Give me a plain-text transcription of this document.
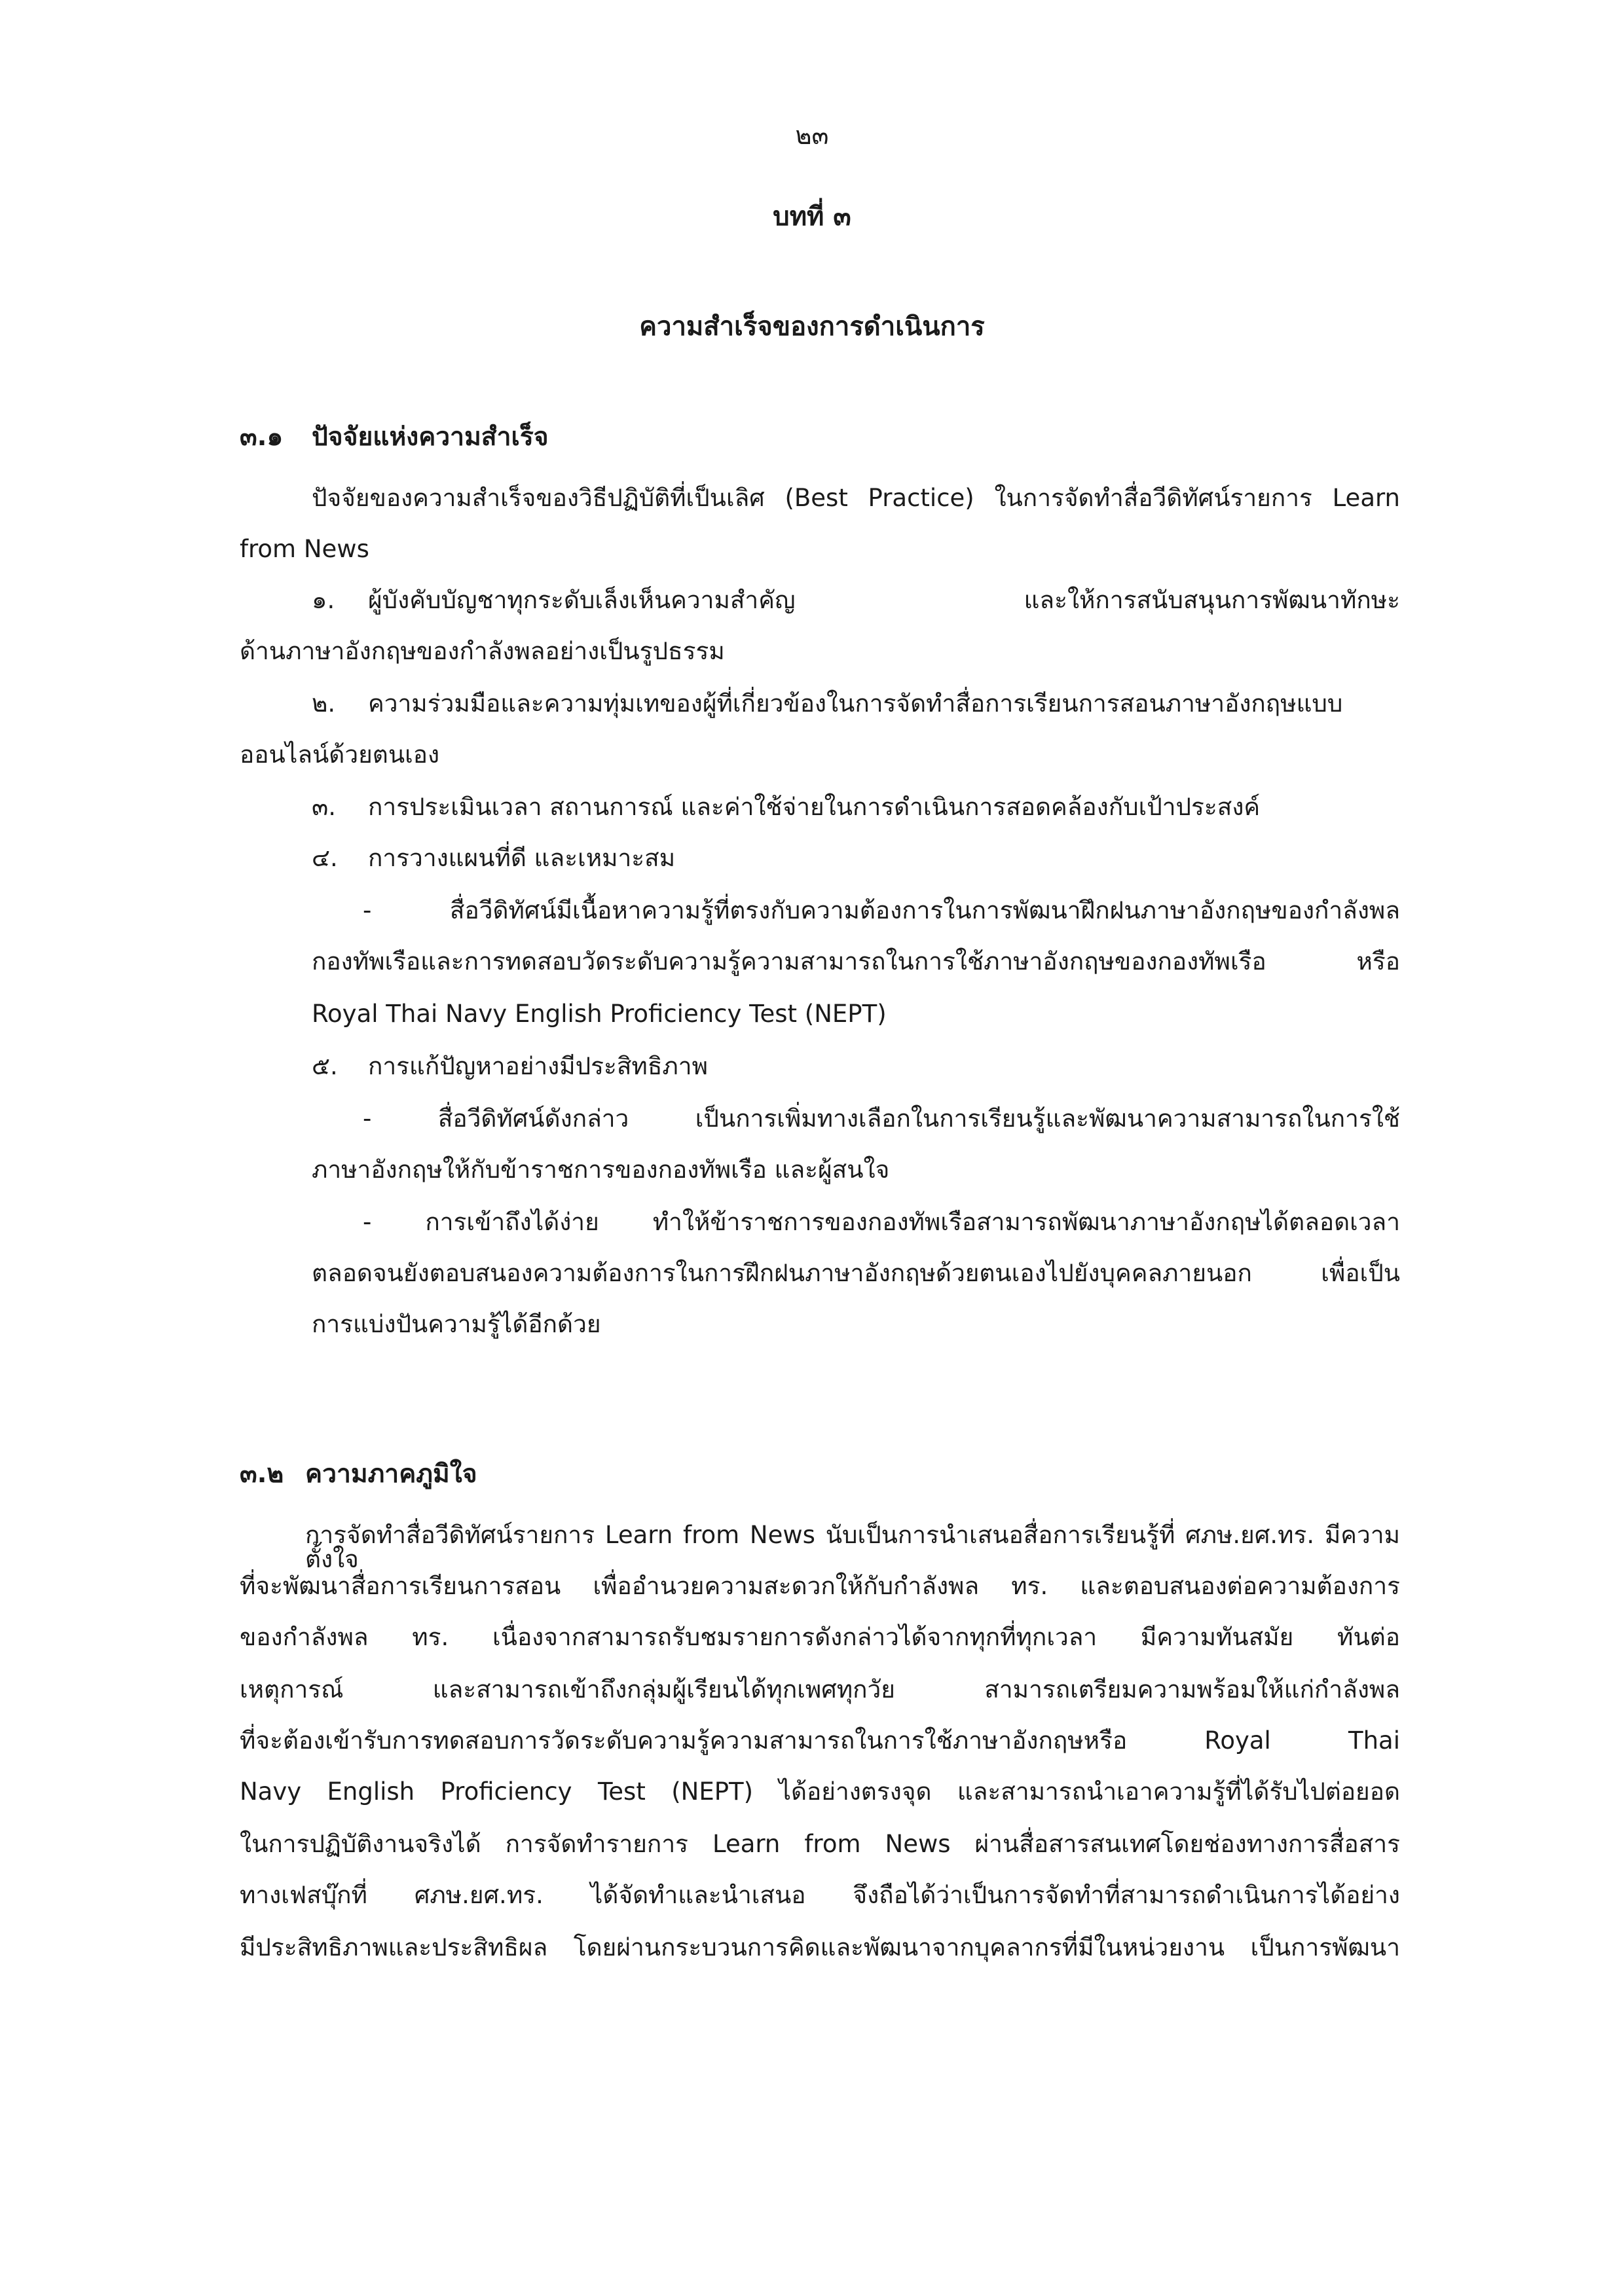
๒๓
บทที่ ๓
ความสำเร็จของการดำเนินการ
๓.๑ ปัจจัยแห่งความสำเร็จ
ปัจจัยของความสำเร็จของวิธีปฏิบัติที่เป็นเลิศ (Best Practice) ในการจัดทำสื่อวีดิทัศน์รายการ Learn
from News
๑. ผู้บังคับบัญชาทุกระดับเล็งเห็นความสำคัญ และให้การสนับสนุนการพัฒนาทักษะ
ด้านภาษาอังกฤษของกำลังพลอย่างเป็นรูปธรรม
๒. ความร่วมมือและความทุ่มเทของผู้ที่เกี่ยวข้องในการจัดทำสื่อการเรียนการสอนภาษาอังกฤษแบบ
ออนไลน์ด้วยตนเอง
๓. การประเมินเวลา สถานการณ์ และค่าใช้จ่ายในการดำเนินการสอดคล้องกับเป้าประสงค์
๔. การวางแผนที่ดี และเหมาะสม
- สื่อวีดิทัศน์มีเนื้อหาความรู้ที่ตรงกับความต้องการในการพัฒนาฝึกฝนภาษาอังกฤษของกำลังพล
กองทัพเรือและการทดสอบวัดระดับความรู้ความสามารถในการใช้ภาษาอังกฤษของกองทัพเรือ หรือ
Royal Thai Navy English Proficiency Test (NEPT)
๕. การแก้ปัญหาอย่างมีประสิทธิภาพ
- สื่อวีดิทัศน์ดังกล่าว เป็นการเพิ่มทางเลือกในการเรียนรู้และพัฒนาความสามารถในการใช้
ภาษาอังกฤษให้กับข้าราชการของกองทัพเรือ และผู้สนใจ
- การเข้าถึงได้ง่าย ทำให้ข้าราชการของกองทัพเรือสามารถพัฒนาภาษาอังกฤษได้ตลอดเวลา
ตลอดจนยังตอบสนองความต้องการในการฝึกฝนภาษาอังกฤษด้วยตนเองไปยังบุคคลภายนอก เพื่อเป็น
การแบ่งปันความรู้ได้อีกด้วย
๓.๒ ความภาคภูมิใจ
การจัดทำสื่อวีดิทัศน์รายการ Learn from News นับเป็นการนำเสนอสื่อการเรียนรู้ที่ ศภษ.ยศ.ทร. มีความตั้งใจ
ที่จะพัฒนาสื่อการเรียนการสอน เพื่ออำนวยความสะดวกให้กับกำลังพล ทร. และตอบสนองต่อความต้องการ
ของกำลังพล ทร. เนื่องจากสามารถรับชมรายการดังกล่าวได้จากทุกที่ทุกเวลา มีความทันสมัย ทันต่อ
เหตุการณ์ และสามารถเข้าถึงกลุ่มผู้เรียนได้ทุกเพศทุกวัย สามารถเตรียมความพร้อมให้แก่กำลังพล
ที่จะต้องเข้ารับการทดสอบการวัดระดับความรู้ความสามารถในการใช้ภาษาอังกฤษหรือ Royal Thai
Navy English Proficiency Test (NEPT) ได้อย่างตรงจุด และสามารถนำเอาความรู้ที่ได้รับไปต่อยอด
ในการปฏิบัติงานจริงได้ การจัดทำรายการ Learn from News ผ่านสื่อสารสนเทศโดยช่องทางการสื่อสาร
ทางเฟสบุ๊กที่ ศภษ.ยศ.ทร. ได้จัดทำและนำเสนอ จึงถือได้ว่าเป็นการจัดทำที่สามารถดำเนินการได้อย่าง
มีประสิทธิภาพและประสิทธิผล โดยผ่านกระบวนการคิดและพัฒนาจากบุคลากรที่มีในหน่วยงาน เป็นการพัฒนา
